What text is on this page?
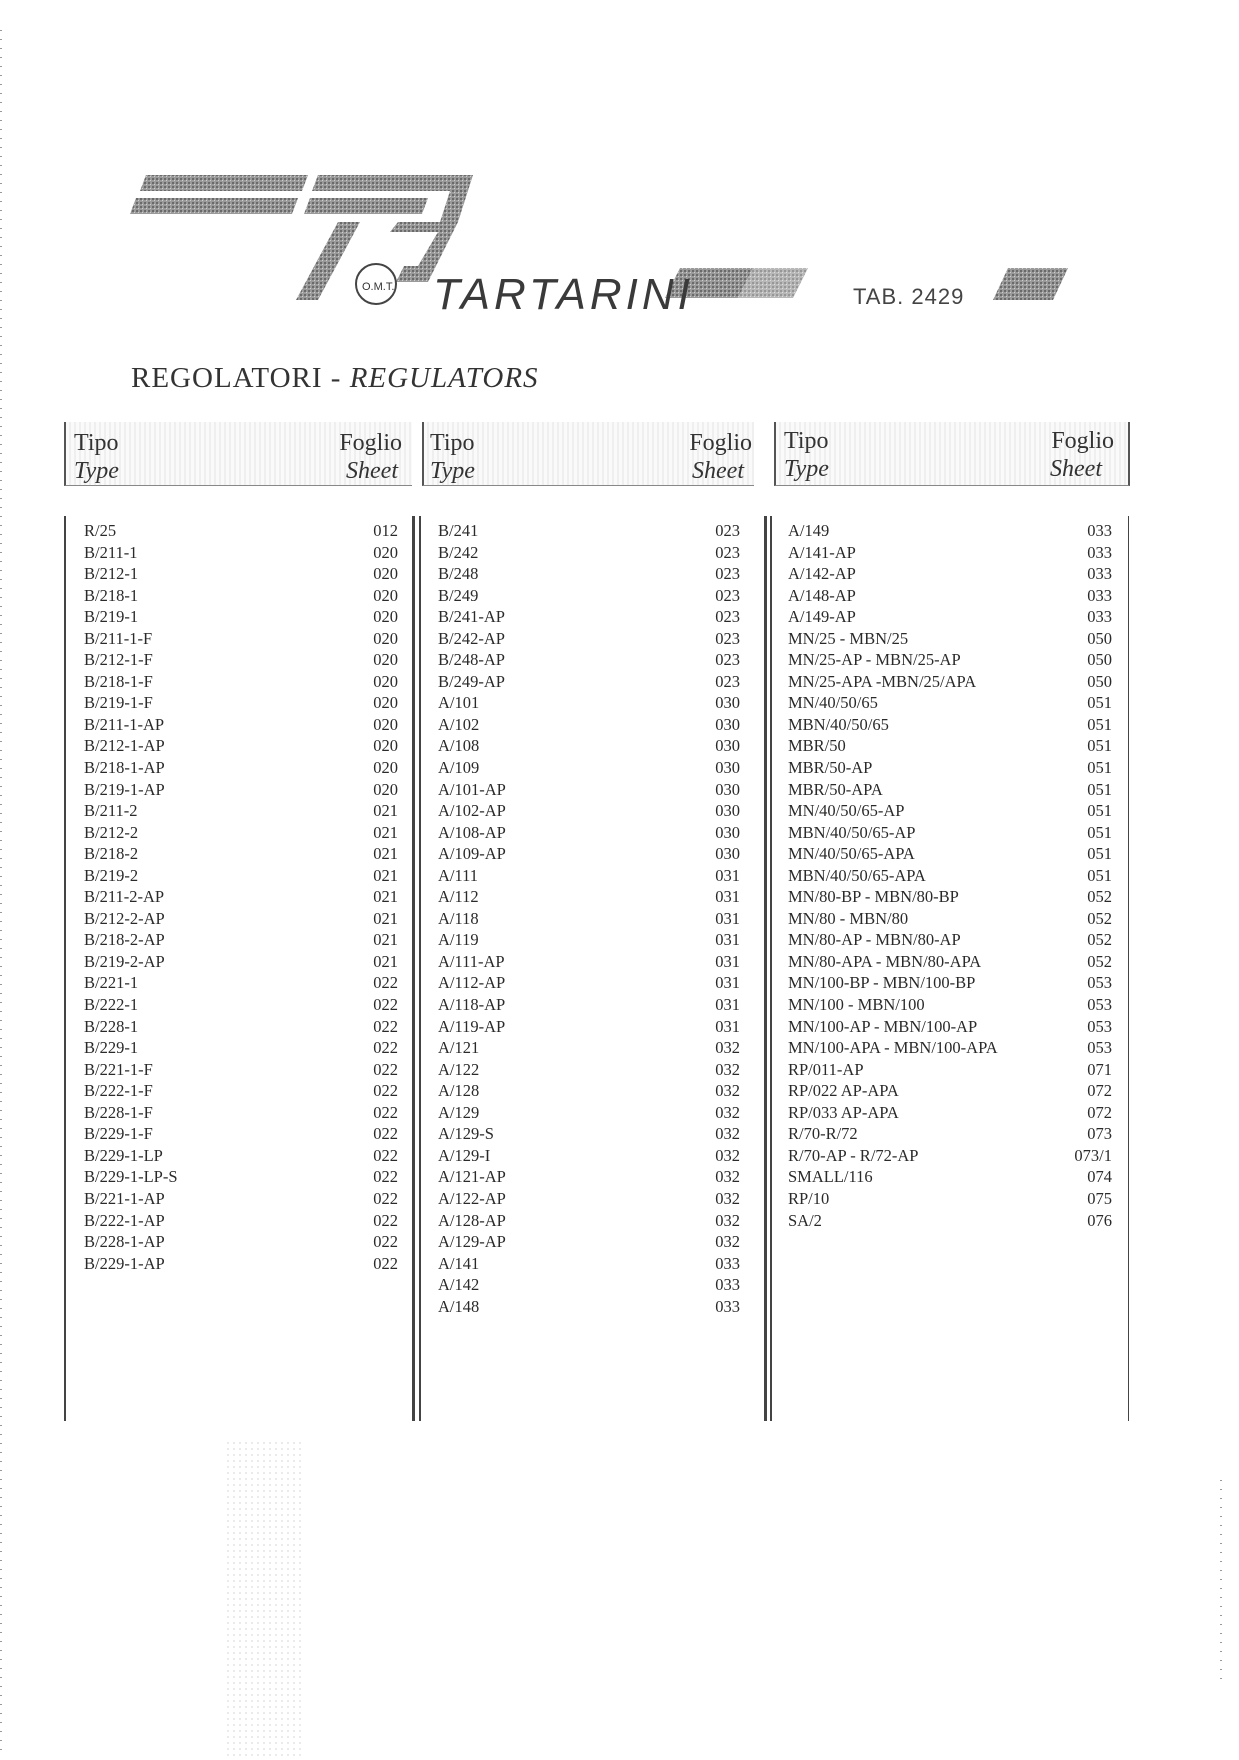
O.M.T. TARTARINI	TAB. 2429
REGOLATORI - REGULATORS
Tipo
Type
Foglio
Sheet
R/25	012
B/211-1	020
B/212-1	020
B/218-1	020
B/219-1	020
B/211-1-F	020
B/212-1-F	020
B/218-1-F	020
B/219-1-F	020
B/211-1-AP	020
B/212-1-AP	020
B/218-1-AP	020
B/219-1-AP	020
B/211-2	021
B/212-2	021
B/218-2	021
B/219-2	021
B/211-2-AP	021
B/212-2-AP	021
B/218-2-AP	021
B/219-2-AP	021
B/221-1	022
B/222-1	022
B/228-1	022
B/229-1	022
B/221-1-F	022
B/222-1-F	022
B/228-1-F	022
B/229-1-F	022
B/229-1-LP	022
B/229-1-LP-S	022
B/221-1-AP	022
B/222-1-AP	022
B/228-1-AP	022
B/229-1-AP	022
Tipo
Type
Foglio
Sheet
B/241	023
B/242	023
B/248	023
B/249	023
B/241-AP	023
B/242-AP	023
B/248-AP	023
B/249-AP	023
A/101	030
A/102	030
A/108	030
A/109	030
A/101-AP	030
A/102-AP	030
A/108-AP	030
A/109-AP	030
A/111	031
A/112	031
A/118	031
A/119	031
A/111-AP	031
A/112-AP	031
A/118-AP	031
A/119-AP	031
A/121	032
A/122	032
A/128	032
A/129	032
A/129-S	032
A/129-I	032
A/121-AP	032
A/122-AP	032
A/128-AP	032
A/129-AP	032
A/141	033
A/142	033
A/148	033
Tipo
Type
Foglio
Sheet
A/149	033
A/141-AP	033
A/142-AP	033
A/148-AP	033
A/149-AP	033
MN/25 - MBN/25	050
MN/25-AP - MBN/25-AP	050
MN/25-APA -MBN/25/APA	050
MN/40/50/65	051
MBN/40/50/65	051
MBR/50	051
MBR/50-AP	051
MBR/50-APA	051
MN/40/50/65-AP	051
MBN/40/50/65-AP	051
MN/40/50/65-APA	051
MBN/40/50/65-APA	051
MN/80-BP - MBN/80-BP	052
MN/80 - MBN/80	052
MN/80-AP - MBN/80-AP	052
MN/80-APA - MBN/80-APA	052
MN/100-BP - MBN/100-BP	053
MN/100 - MBN/100	053
MN/100-AP - MBN/100-AP	053
MN/100-APA - MBN/100-APA	053
RP/011-AP	071
RP/022 AP-APA	072
RP/033 AP-APA	072
R/70-R/72	073
R/70-AP - R/72-AP	073/1
SMALL/116	074
RP/10	075
SA/2	076
